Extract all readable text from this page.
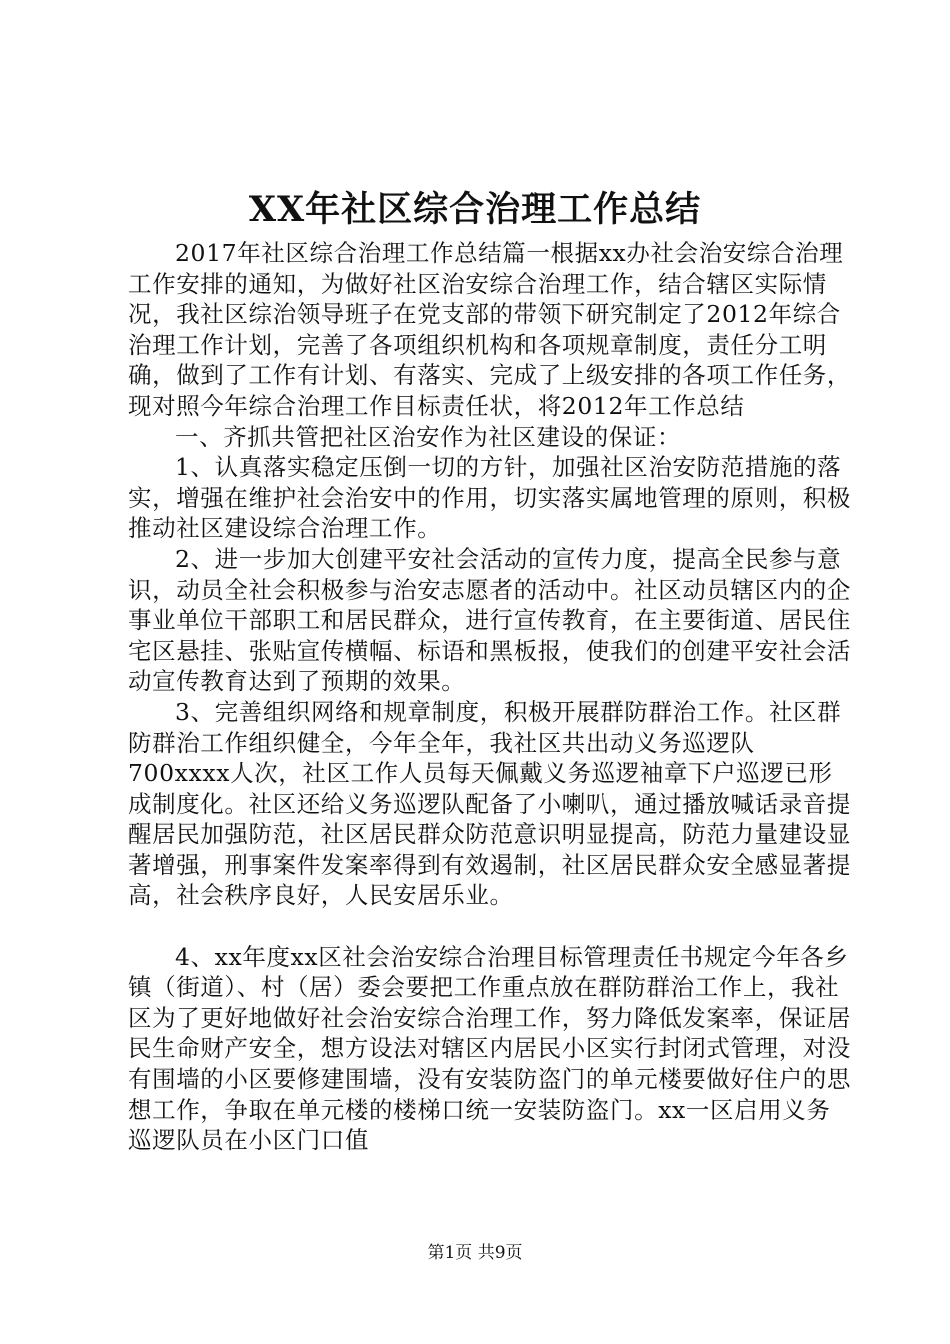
XX年社区综合治理工作总结

2017年社区综合治理工作总结篇一根据xx办社会治安综合治理工作安排的通知，为做好社区治安综合治理工作，结合辖区实际情况，我社区综治领导班子在党支部的带领下研究制定了2012年综合治理工作计划，完善了各项组织机构和各项规章制度，责任分工明确，做到了工作有计划、有落实、完成了上级安排的各项工作任务，现对照今年综合治理工作目标责任状，将2012年工作总结

一、齐抓共管把社区治安作为社区建设的保证：

1、认真落实稳定压倒一切的方针，加强社区治安防范措施的落实，增强在维护社会治安中的作用，切实落实属地管理的原则，积极推动社区建设综合治理工作。

2、进一步加大创建平安社会活动的宣传力度，提高全民参与意识，动员全社会积极参与治安志愿者的活动中。社区动员辖区内的企事业单位干部职工和居民群众，进行宣传教育，在主要街道、居民住宅区悬挂、张贴宣传横幅、标语和黑板报，使我们的创建平安社会活动宣传教育达到了预期的效果。

3、完善组织网络和规章制度，积极开展群防群治工作。社区群防群治工作组织健全，今年全年，我社区共出动义务巡逻队700xxxx人次，社区工作人员每天佩戴义务巡逻袖章下户巡逻已形成制度化。社区还给义务巡逻队配备了小喇叭，通过播放喊话录音提醒居民加强防范，社区居民群众防范意识明显提高，防范力量建设显著增强，刑事案件发案率得到有效遏制，社区居民群众安全感显著提高，社会秩序良好，人民安居乐业。

4、xx年度xx区社会治安综合治理目标管理责任书规定今年各乡镇（街道）、村（居）委会要把工作重点放在群防群治工作上，我社区为了更好地做好社会治安综合治理工作，努力降低发案率，保证居民生命财产安全，想方设法对辖区内居民小区实行封闭式管理，对没有围墙的小区要修建围墙，没有安装防盗门的单元楼要做好住户的思想工作，争取在单元楼的楼梯口统一安装防盗门。xx一区启用义务巡逻队员在小区门口值

第1页 共9页
